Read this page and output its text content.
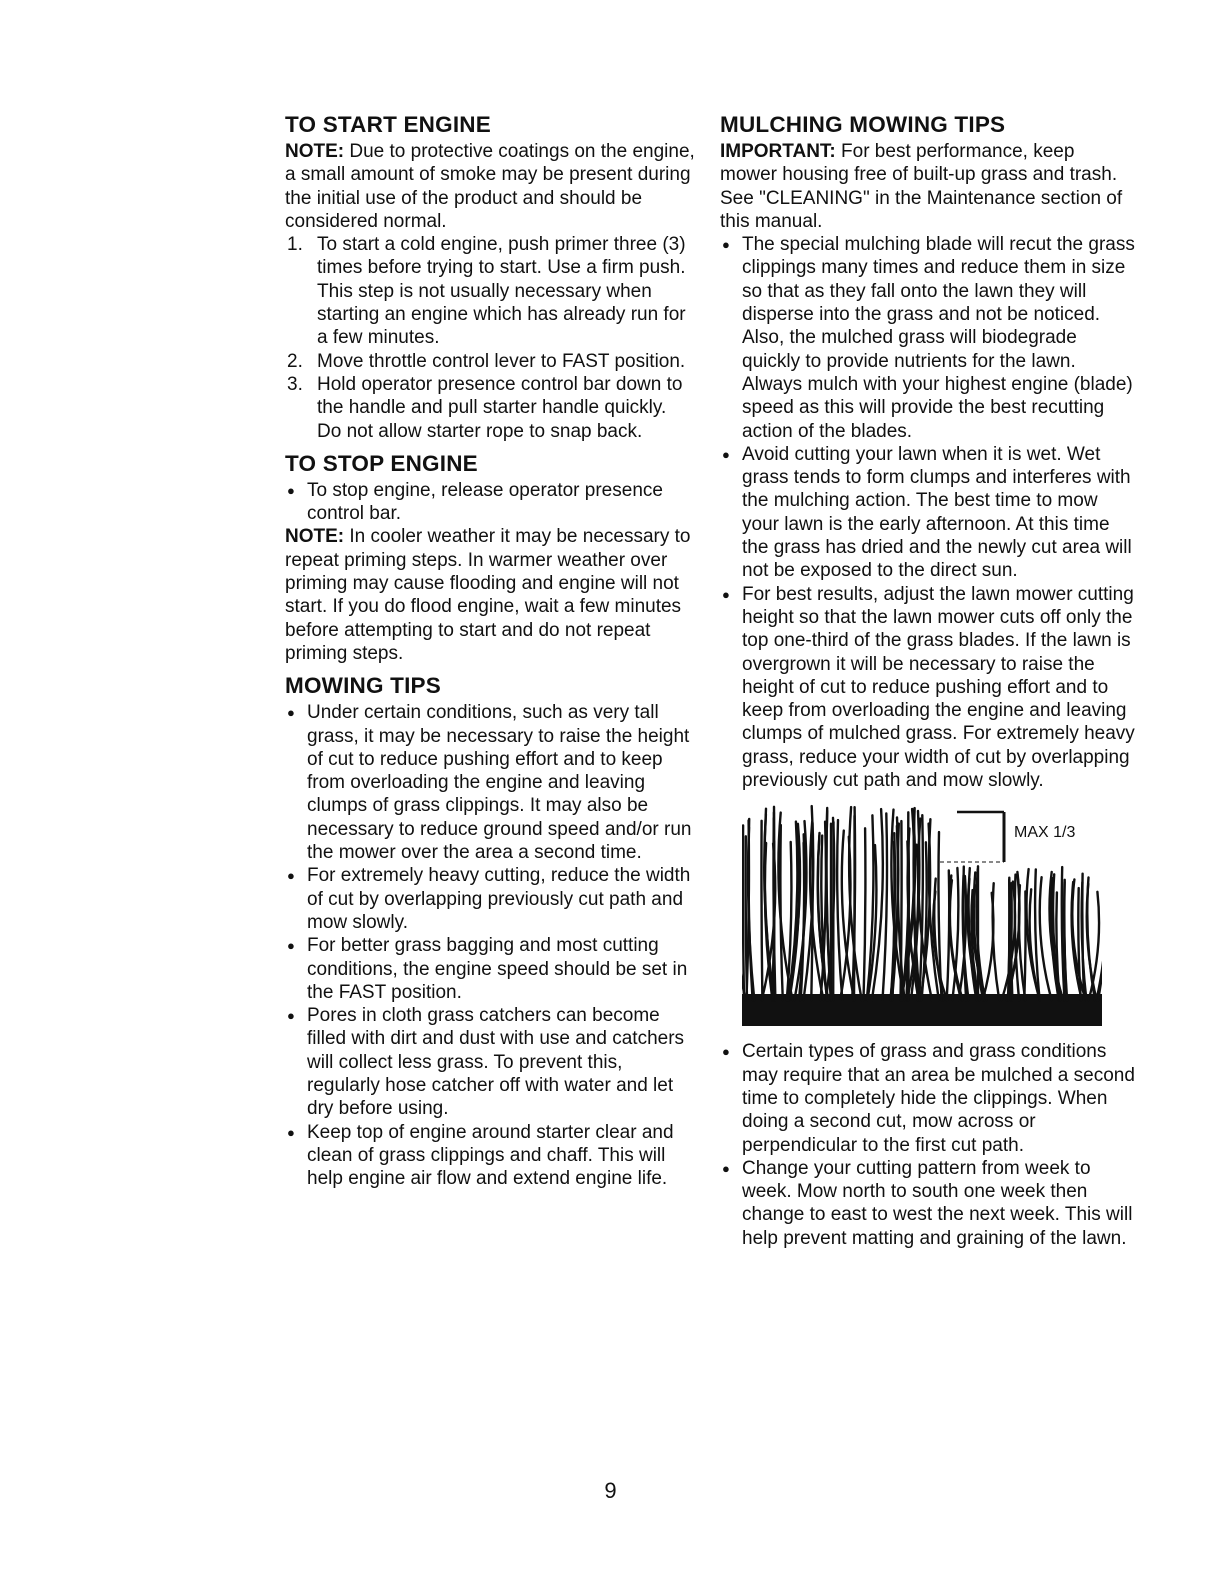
TO START ENGINE

NOTE: Due to protective coatings on the engine, a small amount of smoke may be present during the initial use of the product and should be considered normal.

1. To start a cold engine, push primer three (3) times before trying to start. Use a firm push. This step is not usually necessary when starting an engine which has already run for a few minutes.
2. Move throttle control lever to FAST position.
3. Hold operator presence control bar down to the handle and pull starter handle quickly. Do not allow starter rope to snap back.
TO STOP ENGINE
● To stop engine, release operator presence control bar.

NOTE: In cooler weather it may be necessary to repeat priming steps. In warmer weather over priming may cause flooding and engine will not start. If you do flood engine, wait a few minutes before attempting to start and do not repeat priming steps.

MOWING TIPS
● Under certain conditions, such as very tall grass, it may be necessary to raise the height of cut to reduce pushing effort and to keep from overloading the engine and leaving clumps of grass clippings. It may also be necessary to reduce ground speed and/or run the mower over the area a second time.
● For extremely heavy cutting, reduce the width of cut by overlapping previously cut path and mow slowly.
● For better grass bagging and most cutting conditions, the engine speed should be set in the FAST position.
● Pores in cloth grass catchers can become filled with dirt and dust with use and catchers will collect less grass. To prevent this, regularly hose catcher off with water and let dry before using.
● Keep top of engine around starter clear and clean of grass clippings and chaff. This will help engine air flow and extend engine life.
MULCHING MOWING TIPS

IMPORTANT: For best performance, keep mower housing free of built-up grass and trash. See "CLEANING" in the Maintenance section of this manual.

● The special mulching blade will recut the grass clippings many times and reduce them in size so that as they fall onto the lawn they will disperse into the grass and not be noticed. Also, the mulched grass will biodegrade quickly to provide nutrients for the lawn. Always mulch with your highest engine (blade) speed as this will provide the best recutting action of the blades.
● Avoid cutting your lawn when it is wet. Wet grass tends to form clumps and interferes with the mulching action. The best time to mow your lawn is the early afternoon. At this time the grass has dried and the newly cut area will not be exposed to the direct sun.
● For best results, adjust the lawn mower cutting height so that the lawn mower cuts off only the top one-third of the grass blades. If the lawn is overgrown it will be necessary to raise the height of cut to reduce pushing effort and to keep from overloading the engine and leaving clumps of mulched grass. For extremely heavy grass, reduce your width of cut by overlapping previously cut path and mow slowly.
MAX 1/3
● Certain types of grass and grass conditions may require that an area be mulched a second time to completely hide the clippings. When doing a second cut, mow across or perpendicular to the first cut path.
● Change your cutting pattern from week to week. Mow north to south one week then change to east to west the next week. This will help prevent matting and graining of the lawn.
9
